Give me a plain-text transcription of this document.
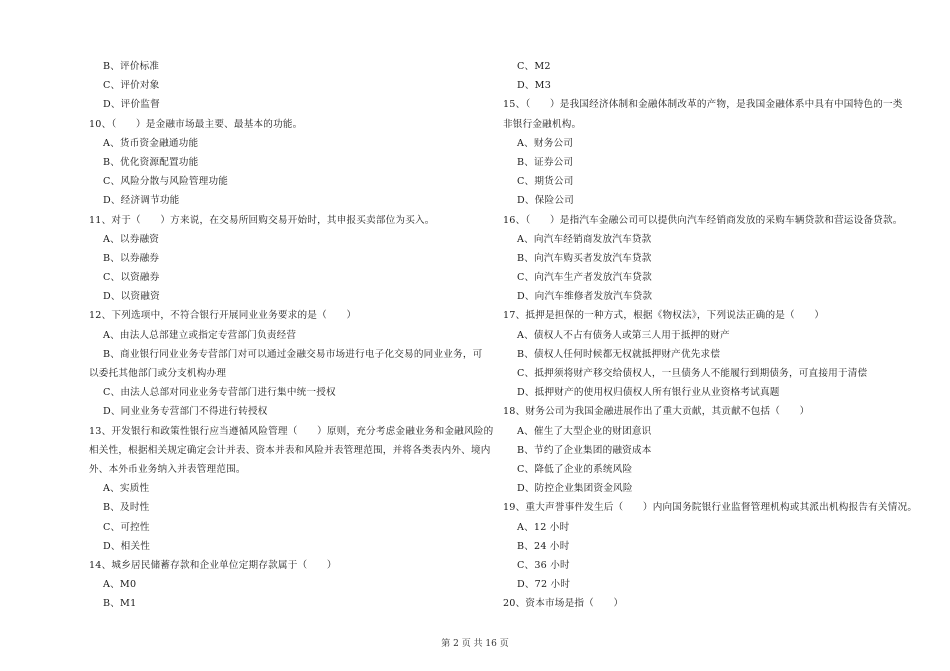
B、评价标准
C、评价对象
D、评价监督
10、（　　）是金融市场最主要、最基本的功能。
A、货币资金融通功能
B、优化资源配置功能
C、风险分散与风险管理功能
D、经济调节功能
11、对于（　　）方来说，在交易所回购交易开始时，其申报买卖部位为买入。
A、以券融资
B、以券融券
C、以资融券
D、以资融资
12、下列选项中，不符合银行开展同业业务要求的是（　　）
A、由法人总部建立或指定专营部门负责经营
B、商业银行同业业务专营部门对可以通过金融交易市场进行电子化交易的同业业务，可
以委托其他部门或分支机构办理
C、由法人总部对同业业务专营部门进行集中统一授权
D、同业业务专营部门不得进行转授权
13、开发银行和政策性银行应当遵循风险管理（　　）原则，充分考虑金融业务和金融风险的
相关性，根据相关规定确定会计并表、资本并表和风险并表管理范围，并将各类表内外、境内
外、本外币业务纳入并表管理范围。
A、实质性
B、及时性
C、可控性
D、相关性
14、城乡居民储蓄存款和企业单位定期存款属于（　　）
A、M0
B、M1
C、M2
D、M3
15、（　　）是我国经济体制和金融体制改革的产物，是我国金融体系中具有中国特色的一类
非银行金融机构。
A、财务公司
B、证券公司
C、期货公司
D、保险公司
16、（　　）是指汽车金融公司可以提供向汽车经销商发放的采购车辆贷款和营运设备贷款。
A、向汽车经销商发放汽车贷款
B、向汽车购买者发放汽车贷款
C、向汽车生产者发放汽车贷款
D、向汽车维修者发放汽车贷款
17、抵押是担保的一种方式，根据《物权法》，下列说法正确的是（　　）
A、债权人不占有债务人或第三人用于抵押的财产
B、债权人任何时候都无权就抵押财产优先求偿
C、抵押须将财产移交给债权人，一旦债务人不能履行到期债务，可直接用于清偿
D、抵押财产的使用权归债权人所有银行业从业资格考试真题
18、财务公司为我国金融进展作出了重大贡献，其贡献不包括（　　）
A、催生了大型企业的财团意识
B、节约了企业集团的融资成本
C、降低了企业的系统风险
D、防控企业集团资金风险
19、重大声誉事件发生后（　　）内向国务院银行业监督管理机构或其派出机构报告有关情况。
A、12 小时
B、24 小时
C、36 小时
D、72 小时
20、资本市场是指（　　）
第 2 页 共 16 页
